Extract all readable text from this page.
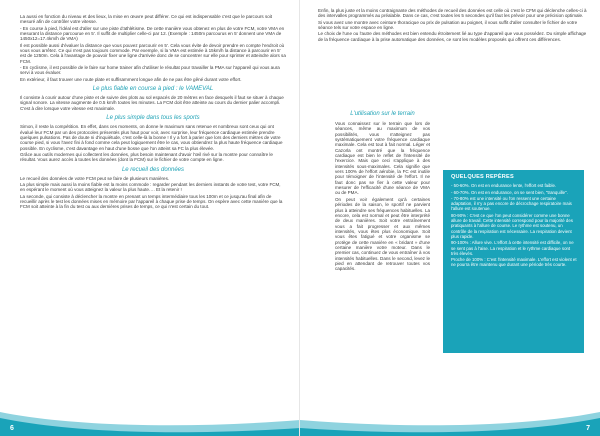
La aussi en fonction du niveau et des lieux, la mise en œuvre peut différer. Ce qui est indispensable c'est que le parcours soit mesuré afin de contrôler votre vitesse.

- En course à pied, l'idéal est d'aller sur une piste d'athlétisme. De cette manière vous obtenez en plus de votre FCM, votre VMA en mesurant la distance parcourue en 5'. Il suffit de multiplier celle-ci par 12. (Exemple : 1450m parcourus en 5' donnent une VMA de 1450x12=17.4km/h de VMA)

Il est possible aussi d'évaluer la distance que vous pouvez parcourir en 5'. Cela vous évite de devoir prendre en compte l'endroit où vous vous arrêtez. Ce qui n'est pas toujours commode. Par exemple, si la VMA est estimée à 15km/h la distance à parcourir en 5' est de 1250m. Cela à l'avantage de pouvoir fixer une ligne d'arrivée donc de se concentrer sur elle pour sprinter et atteindre alors sa FCM.

- En cyclisme, il est possible de le faire sur home trainer afin d'utiliser le résultat pour travailler la PMA sur l'appareil qui vous aura servi à vous évaluer.

En extérieur, il faut trouver une route plate et suffisamment longue afin de ne pas être gêné durant votre effort.

Le plus fiable en course à pied : le VAMEVAL

Il consiste à courir autour d'une piste et de suivre des plots au sol espacés de 20 mètres en face desquels il faut se situer à chaque signal sonore. La vitesse augmente de 0.5 km/h toutes les minutes. La FCM doit être atteinte au cours du dernier palier accompli. C'est à dire lorsque votre vitesse est maximale.

Le plus simple dans tous les sports

Simon, il reste la compétition. En effet, dans ces moments, on donne le maximum sans retenue et nombreux sont ceux qui ont évalué leur FCM par un des protocoles présentés plus haut pour voir, avec surprise, leur fréquence cardiaque estimée prendre quelques pulsations. Pas de doute ni d'inquiétude, c'est celle-là la bonne ! Il y a fort à parier que lors des derniers mètres de votre course pied, si vous l'avez fini à fond comme cela peut logiquement être le cas, vous obtiendrez la plus haute fréquence cardiaque possible. En cyclisme, c'est davantage en haut d'une bosse que l'on atteint sa FC la plus élevée.

Grâce aux outils modernes qui collectent les données, plus besoin maintenant d'avoir l'œil rivé sur la montre pour connaître le résultat. Vous aurez accès à toutes les données (dont la FCM) sur le fichier de votre compte en ligne.

Le recueil des données

Le recueil des données de votre FCM peut se faire de plusieurs manières.

La plus simple mais aussi la moins fiable est la moins commode : regarder pendant les derniers instants de votre test, votre FCM, en espérant le moment où vous atteignez la valeur la plus haute…. Et la retenir !

La seconde, qui consiste à déclencher la montre en prenant un temps intermédiaire tous les 100m et ce jusqu'au final afin de recueillir après le test les données mises en mémoire par l'appareil à chaque prise de temps. On espère avec cette manière que la FCM soit atteinte à la fin du test ou aux dernières prises de temps, ce qui n'est certain du tout.

6

Enfin, la plus juste et la moins contraignante des méthodes de recueil des données est celle où c'est le CFM qui déclenche celles-ci à des intervalles programmés au préalable. Dans ce cas, c'est toutes les 5 secondes qu'il faut les prévoir pour une précision optimale.

Si vous avez une montre avec ceinture thoracique ou prix de pulsation au poignet, il vous suffit d'aller consulter le fichier de votre séance tels sur votre espace en ligne.

Le choix de l'une ou l'autre des méthodes est bien entendu étroitement lié au type d'appareil que vous possédez. Du simple affichage de la fréquence cardiaque à la prise automatique des données, ce sont les modèles proposés qui offrent ces différences.

L'utilisation sur le terrain

Vous connaissez sur le terrain que lors de séances, même au maximum de vos possibilités, vous n'atteignez pas systématiquement votre fréquence cardiaque maximale. Cela est tout à fait normal. Léger et Cazorla ont montré que la fréquence cardiaque est bien le reflet de l'intensité de l'exercice. Mais que ceci s'applique à des intensités sous-maximales. Cela signifie que vers 100% de l'effort aérobie, la FC est inutile pour témoigner de l'intensité de l'effort. Il ne faut donc pas se fier à cette valeur pour mesurer de l'efficacité d'une séance de VMA ou de PMA.

On peut voir également qu'à certaines périodes de la saison, le sportif ne parvient plus à atteindre ses fréquences habituelles. La encore, cela est normal et peut être interprété de deux manières. Soit votre entraînement vous a fait progresser et aux mêmes intensités, vous êtes plus économique. Soit vous êtes fatigué et votre organisme se protège de cette manière en « bridant » d'une certaine manière votre moteur. Dans le premier cas, continuez de vous entraîner à vos intensités habituelles. Dans le second, levez le pied en attendant de retrouver toutes vos capacités.

QUELQUES REPÈRES

- 50-60%. On est en endurance lente, l'effort est faible.

- 60-70%. On est en endurance, on se sent bien, "tranquille".

- 70-80% est une intensité ou l'on ressent une certaine adaptation, il n'y a pas encore de décrochage respiratoire mais l'allure est soutenue.

80-90% : C'est ce que l'on peut considérer comme une bonne allure de travail. Cette intensité correspond pour la majorité des pratiquants à l'allure de course. Le rythme est soutenu, un contrôle de la respiration est nécessaire. La respiration devient plus rapide.

90-100% : Allure vive. L'effort à cette intensité est difficile, on ne se sent pas à l'aise. La respiration et le rythme cardiaque sont très élevés.

Proche de 100% : C'est l'intensité maximale. L'effort est violent et ne pourra être maintenu que durant une période très courte.

7
